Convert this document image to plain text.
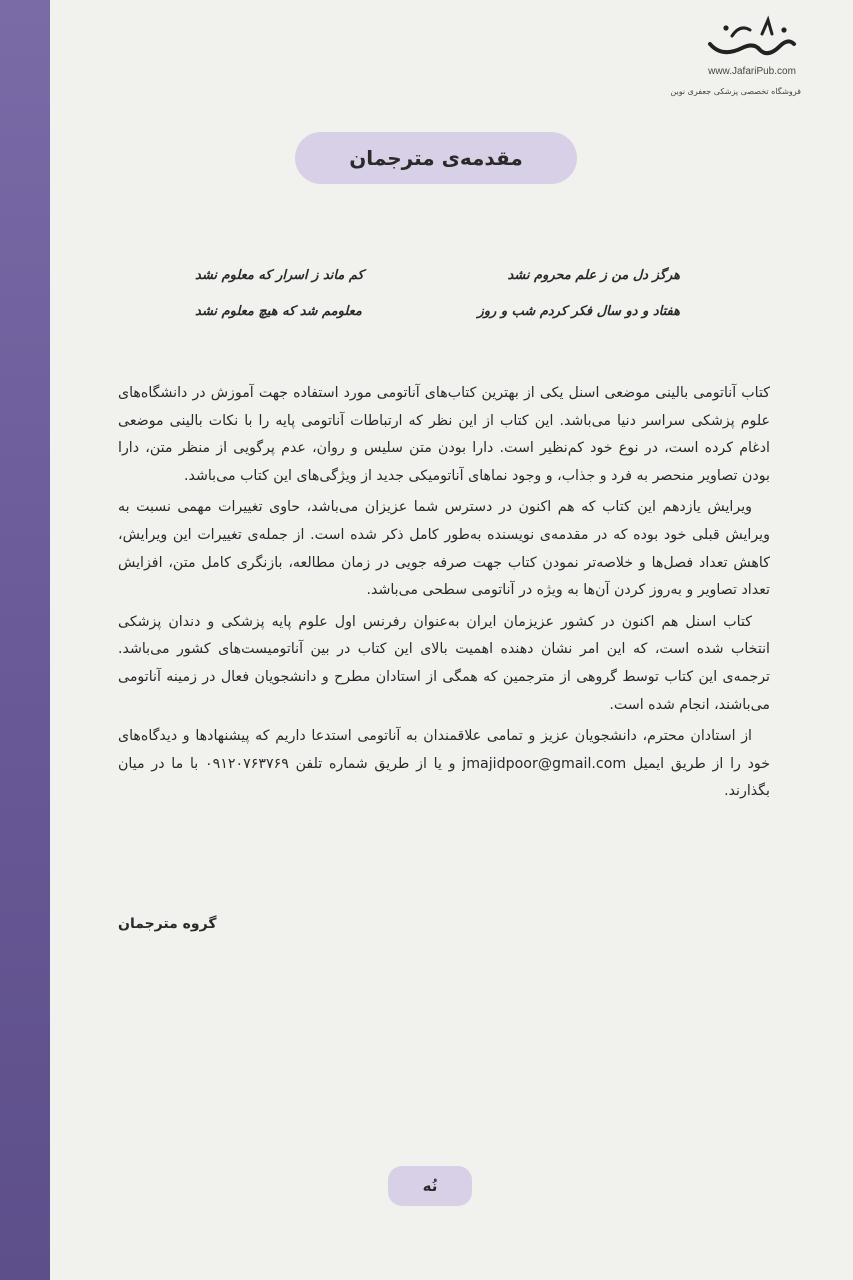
www.JafariPub.com
فروشگاه تخصصی پزشکی جعفری نوین
مقدمه‌ی مترجمان
هرگز دل من ز علم محروم نشد
کم ماند ز اسرار که معلوم نشد
هفتاد و دو سال فکر کردم شب و روز
معلومم شد که هیچ معلوم نشد

کتاب آناتومی بالینی موضعی اسنل یکی از بهترین کتاب‌های آناتومی مورد استفاده جهت آموزش در دانشگاه‌های علوم پزشکی سراسر دنیا می‌باشد. این کتاب از این نظر که ارتباطات آناتومی پایه را با نکات بالینی موضعی ادغام کرده است، در نوع خود کم‌نظیر است. دارا بودن متن سلیس و روان، عدم پرگویی از منظر متن، دارا بودن تصاویر منحصر به فرد و جذاب، و وجود نماهای آناتومیکی جدید از ویژگی‌های این کتاب می‌باشد.

ویرایش یازدهم این کتاب که هم اکنون در دسترس شما عزیزان می‌باشد، حاوی تغییرات مهمی نسبت به ویرایش قبلی خود بوده که در مقدمه‌ی نویسنده به‌طور کامل ذکر شده است. از جمله‌ی تغییرات این ویرایش، کاهش تعداد فصل‌ها و خلاصه‌تر نمودن کتاب جهت صرفه جویی در زمان مطالعه، بازنگری کامل متن، افزایش تعداد تصاویر و به‌روز کردن آن‌ها به ویژه در آناتومی سطحی می‌باشد.

کتاب اسنل هم اکنون در کشور عزیزمان ایران به‌عنوان رفرنس اول علوم پایه پزشکی و دندان پزشکی انتخاب شده است، که این امر نشان دهنده اهمیت بالای این کتاب در بین آناتومیست‌های کشور می‌باشد. ترجمه‌ی این کتاب توسط گروهی از مترجمین که همگی از استادان مطرح و دانشجویان فعال در زمینه آناتومی می‌باشند، انجام شده است.

از استادان محترم، دانشجویان عزیز و تمامی علاقمندان به آناتومی استدعا داریم که پیشنهادها و دیدگاه‌های خود را از طریق ایمیل jmajidpoor@gmail.com و یا از طریق شماره تلفن ۰۹۱۲۰۷۶۳۷۶۹ با ما در میان بگذارند.

گروه مترجمان
نُه
